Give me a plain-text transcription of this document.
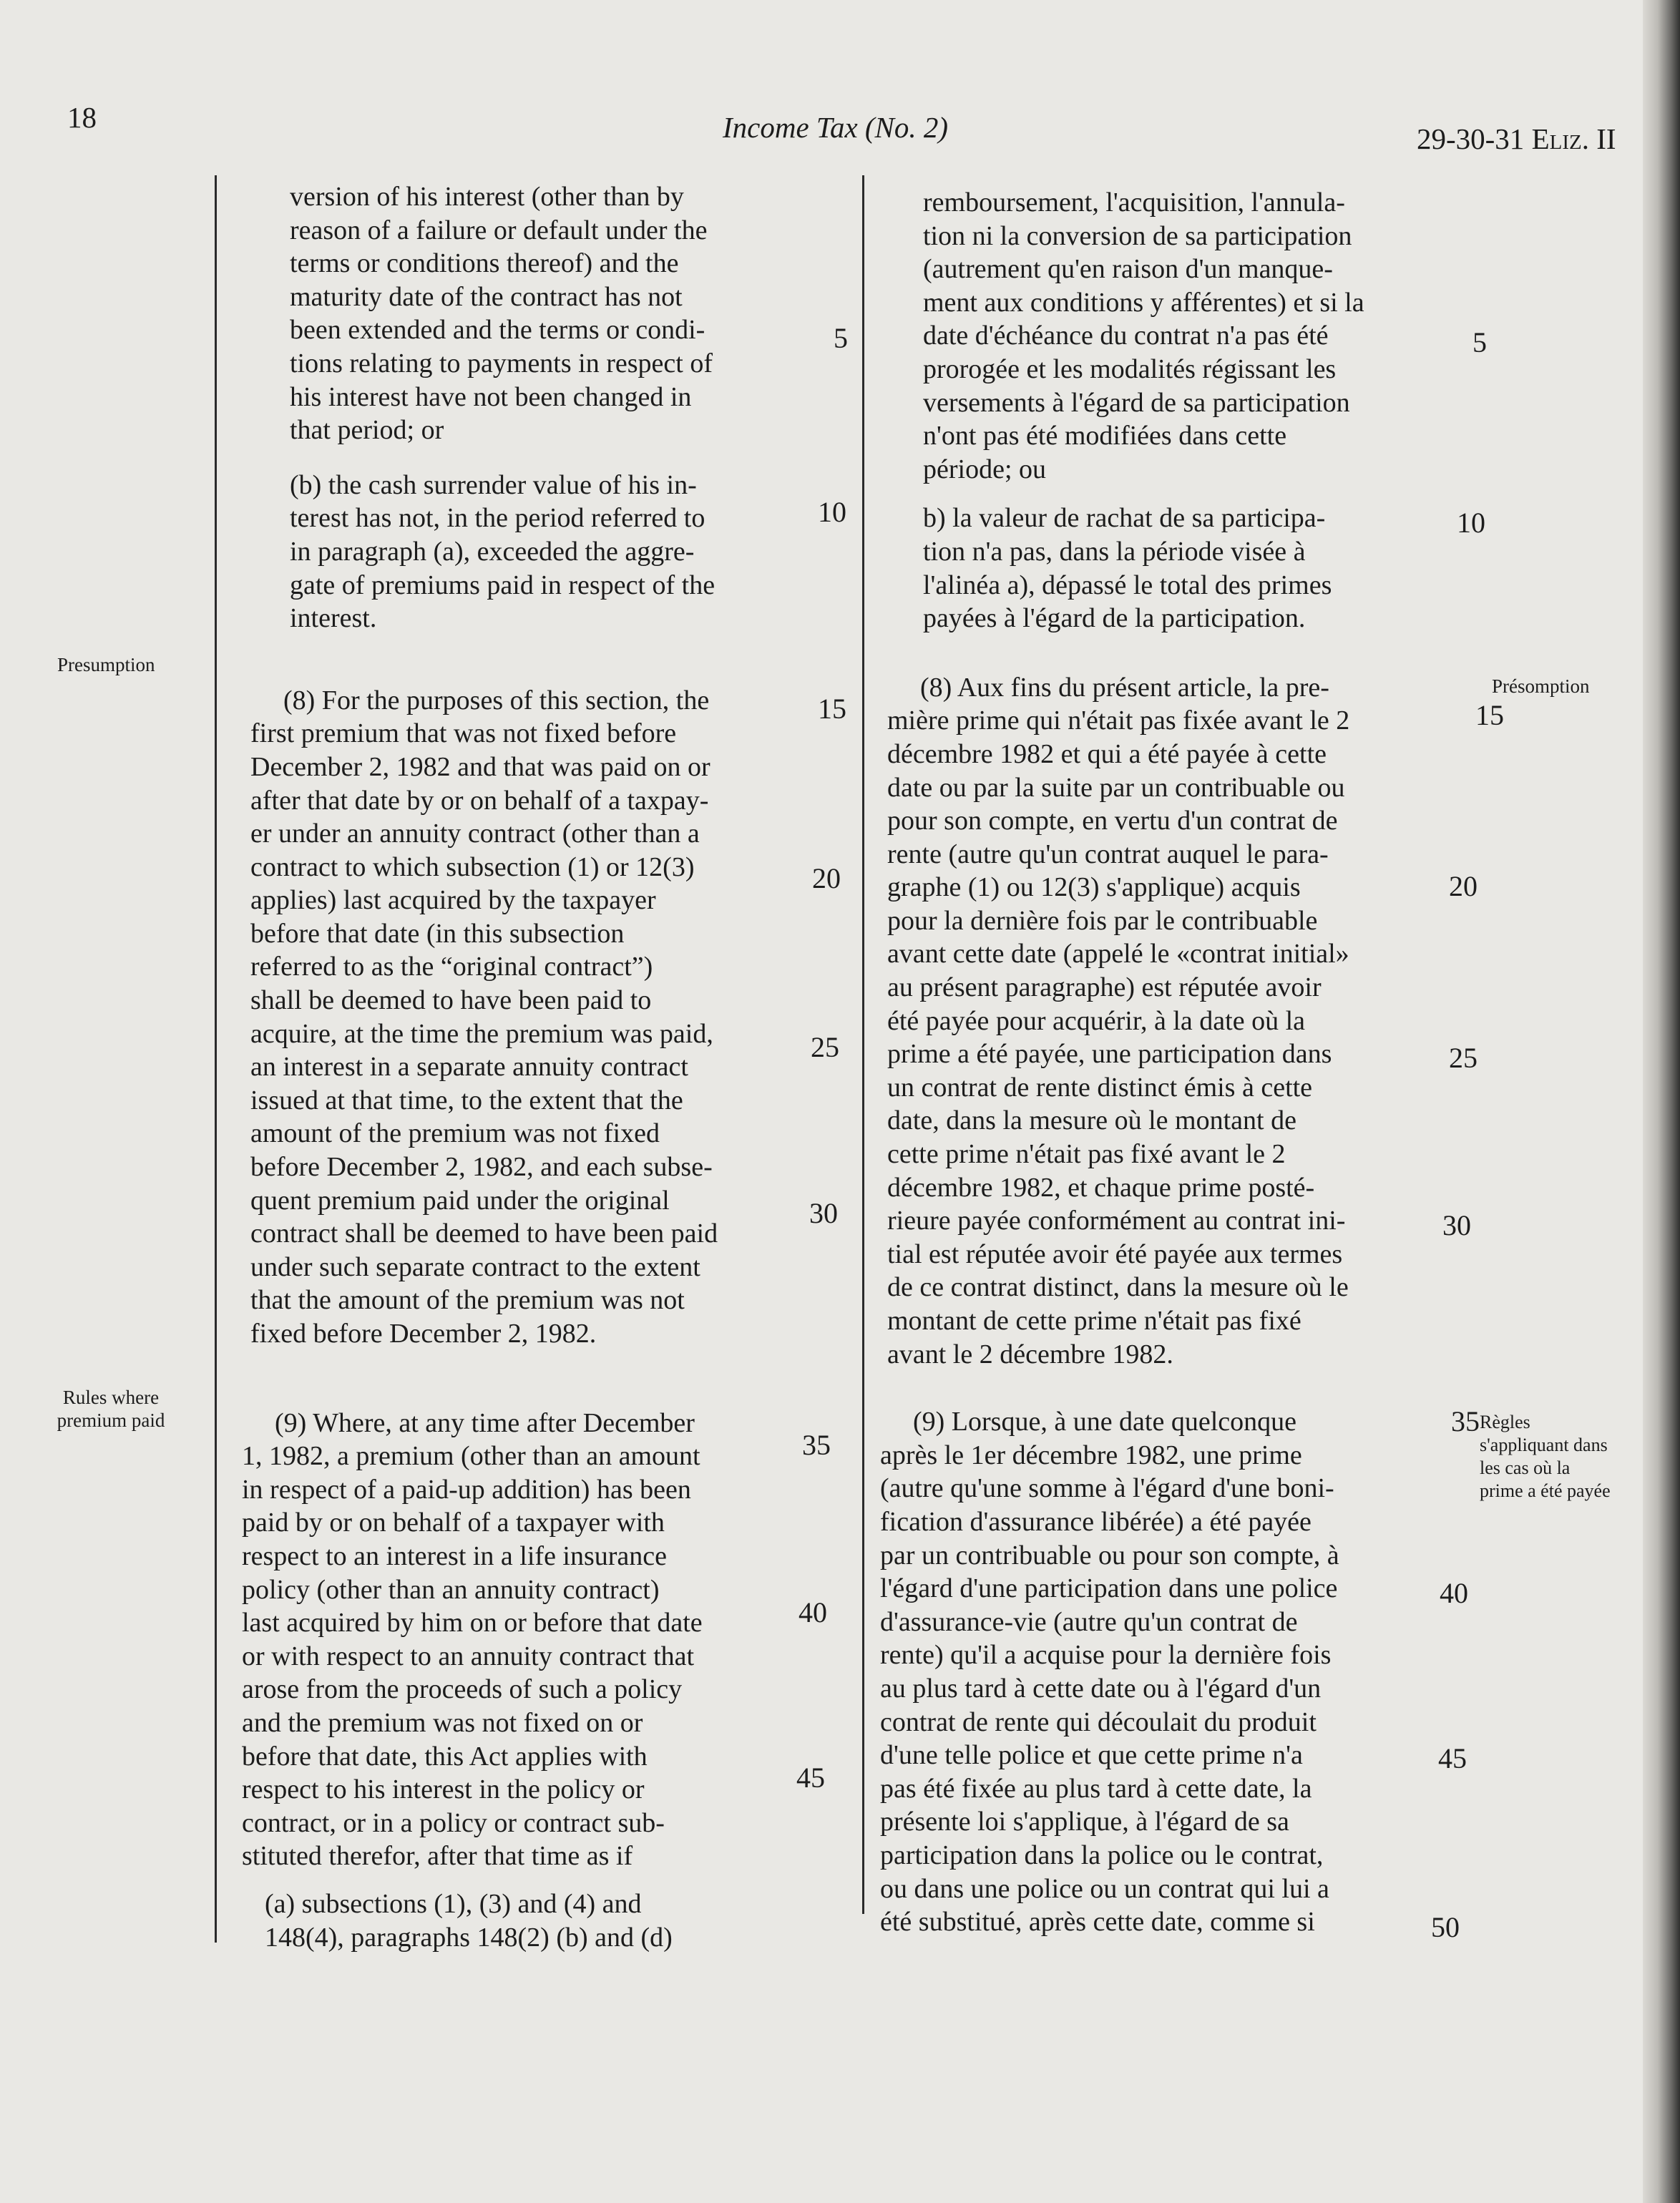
18	Income Tax (No. 2)	29-30-31 Eliz. II
Presumption
Rules where premium paid
Présomption
Règles s'appliquant dans les cas où la prime a été payée

version of his interest (other than by

reason of a failure or default under the

terms or conditions thereof) and the

maturity date of the contract has not

been extended and the terms or condi-

tions relating to payments in respect of

his interest have not been changed in

that period; or

(b) the cash surrender value of his in-

terest has not, in the period referred to

in paragraph (a), exceeded the aggre-

gate of premiums paid in respect of the

interest.

(8) For the purposes of this section, the

first premium that was not fixed before

December 2, 1982 and that was paid on or

after that date by or on behalf of a taxpay-

er under an annuity contract (other than a

contract to which subsection (1) or 12(3)

applies) last acquired by the taxpayer

before that date (in this subsection

referred to as the “original contract”)

shall be deemed to have been paid to

acquire, at the time the premium was paid,

an interest in a separate annuity contract

issued at that time, to the extent that the

amount of the premium was not fixed

before December 2, 1982, and each subse-

quent premium paid under the original

contract shall be deemed to have been paid

under such separate contract to the extent

that the amount of the premium was not

fixed before December 2, 1982.

(9) Where, at any time after December

1, 1982, a premium (other than an amount

in respect of a paid-up addition) has been

paid by or on behalf of a taxpayer with

respect to an interest in a life insurance

policy (other than an annuity contract)

last acquired by him on or before that date

or with respect to an annuity contract that

arose from the proceeds of such a policy

and the premium was not fixed on or

before that date, this Act applies with

respect to his interest in the policy or

contract, or in a policy or contract sub-

stituted therefor, after that time as if

(a) subsections (1), (3) and (4) and

148(4), paragraphs 148(2) (b) and (d)

5
10
15
20
25
30
35
40
45

remboursement, l'acquisition, l'annula-

tion ni la conversion de sa participation

(autrement qu'en raison d'un manque-

ment aux conditions y afférentes) et si la

date d'échéance du contrat n'a pas été

prorogée et les modalités régissant les

versements à l'égard de sa participation

n'ont pas été modifiées dans cette

période; ou

b) la valeur de rachat de sa participa-

tion n'a pas, dans la période visée à

l'alinéa a), dépassé le total des primes

payées à l'égard de la participation.

(8) Aux fins du présent article, la pre-

mière prime qui n'était pas fixée avant le 2

décembre 1982 et qui a été payée à cette

date ou par la suite par un contribuable ou

pour son compte, en vertu d'un contrat de

rente (autre qu'un contrat auquel le para-

graphe (1) ou 12(3) s'applique) acquis

pour la dernière fois par le contribuable

avant cette date (appelé le «contrat initial»

au présent paragraphe) est réputée avoir

été payée pour acquérir, à la date où la

prime a été payée, une participation dans

un contrat de rente distinct émis à cette

date, dans la mesure où le montant de

cette prime n'était pas fixé avant le 2

décembre 1982, et chaque prime posté-

rieure payée conformément au contrat ini-

tial est réputée avoir été payée aux termes

de ce contrat distinct, dans la mesure où le

montant de cette prime n'était pas fixé

avant le 2 décembre 1982.

(9) Lorsque, à une date quelconque

après le 1er décembre 1982, une prime

(autre qu'une somme à l'égard d'une boni-

fication d'assurance libérée) a été payée

par un contribuable ou pour son compte, à

l'égard d'une participation dans une police

d'assurance-vie (autre qu'un contrat de

rente) qu'il a acquise pour la dernière fois

au plus tard à cette date ou à l'égard d'un

contrat de rente qui découlait du produit

d'une telle police et que cette prime n'a

pas été fixée au plus tard à cette date, la

présente loi s'applique, à l'égard de sa

participation dans la police ou le contrat,

ou dans une police ou un contrat qui lui a

été substitué, après cette date, comme si

5
10
15
20
25
30
35
40
45
50
